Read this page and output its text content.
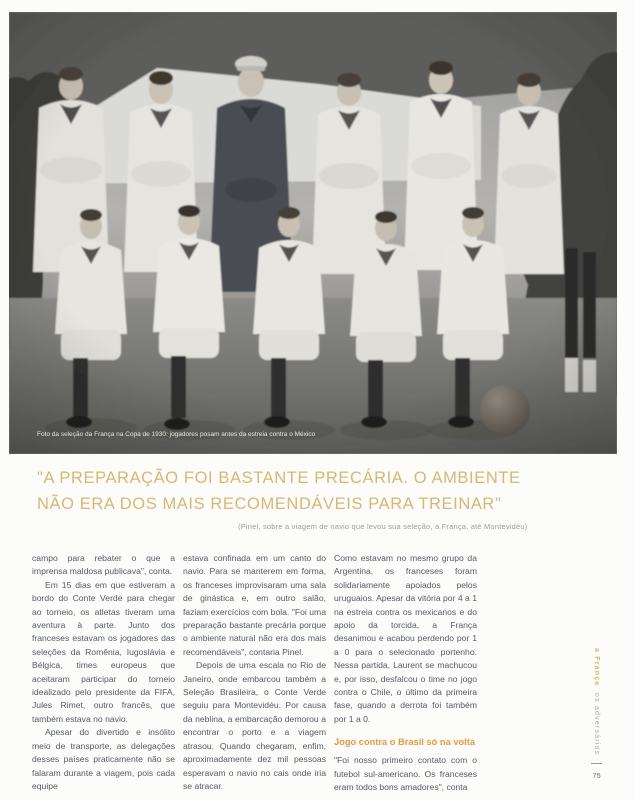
Foto da seleção da França na Copa de 1930: jogadores posam antes da estreia contra o México
"A PREPARAÇÃO FOI BASTANTE PRECÁRIA. O AMBIENTE
NÃO ERA DOS MAIS RECOMENDÁVEIS PARA TREINAR"
(Pinel, sobre a viagem de navio que levou sua seleção, a França, até Montevidéu)

campo para rebater o que a imprensa maldosa publicava", conta.

Em 15 dias em que estiveram a bordo do Conte Verde para chegar ao torneio, os atletas tiveram uma aventura à parte. Junto dos franceses estavam os jogadores das seleções da Romênia, Iugoslávia e Bélgica, times europeus que aceitaram participar do torneio idealizado pelo presidente da FIFA, Jules Rimet, outro francês, que também estava no navio.

Apesar do divertido e insólito meio de transporte, as delegações desses países praticamente não se falaram durante a viagem, pois cada equipe

estava confinada em um canto do navio. Para se manterem em forma, os franceses improvisaram uma sala de ginástica e, em outro salão, faziam exercícios com bola. "Foi uma preparação bastante precária porque o ambiente natural não era dos mais recomendáveis", contaria Pinel.

Depois de uma escala no Rio de Janeiro, onde embarcou também a Seleção Brasileira, o Conte Verde seguiu para Montevidéu. Por causa da neblina, a embarcação demorou a encontrar o porto e a viagem atrasou. Quando chegaram, enfim, aproximadamente dez mil pessoas esperavam o navio no cais onde iria se atracar.

Como estavam no mesmo grupo da Argentina, os franceses foram solidariamente apoiados pelos uruguaios. Apesar da vitória por 4 a 1 na estreia contra os mexicanos e do apoio da torcida, a França desanimou e acabou perdendo por 1 a 0 para o selecionado portenho. Nessa partida, Laurent se machucou e, por isso, desfalcou o time no jogo contra o Chile, o último da primeira fase, quando a derrota foi também por 1 a 0.

Jogo contra o Brasil só na volta

"Foi nosso primeiro contato com o futebol sul-americano. Os franceses eram todos bons amadores", conta

a França
os adversários
75
